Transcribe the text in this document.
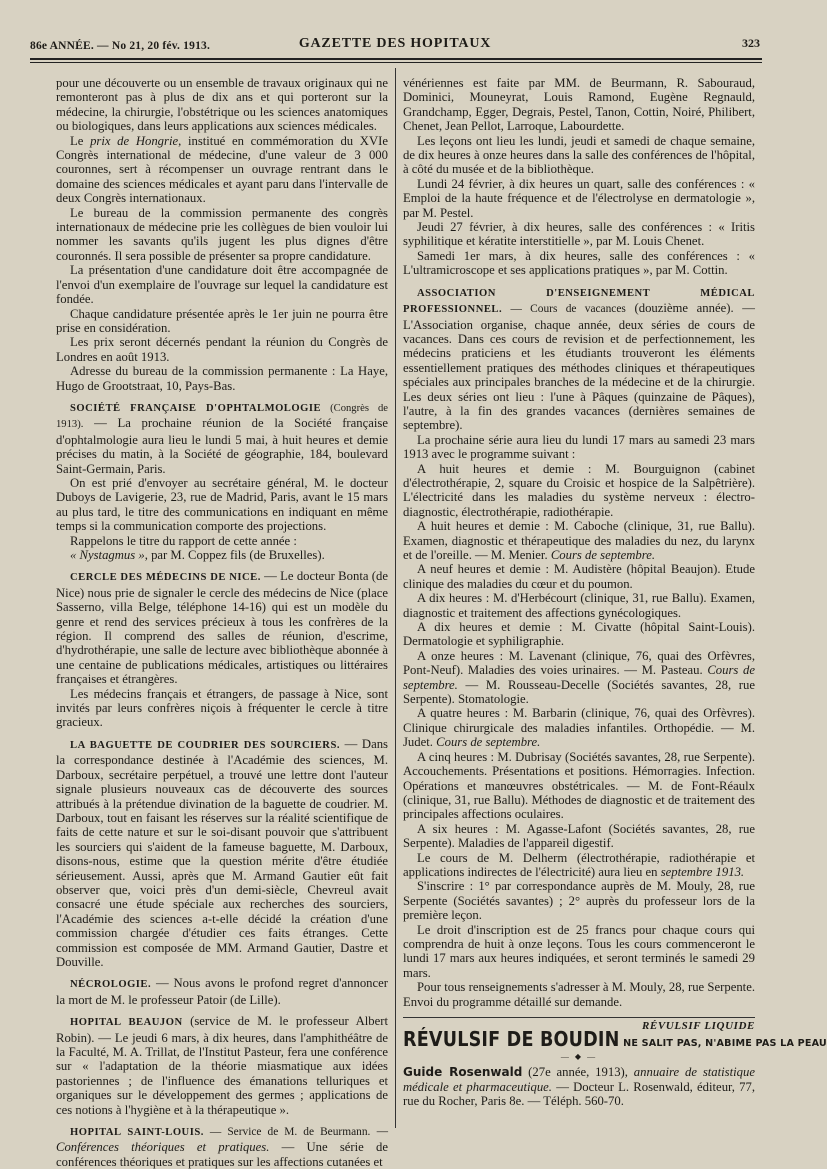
86e ANNÉE. — No 21, 20 fév. 1913.	GAZETTE DES HOPITAUX	323

pour une découverte ou un ensemble de travaux originaux qui ne remonteront pas à plus de dix ans et qui porteront sur la médecine, la chirurgie, l'obstétrique ou les sciences anatomiques ou biologiques, dans leurs applications aux sciences médicales.

Le prix de Hongrie, institué en commémoration du XVIe Congrès international de médecine, d'une valeur de 3 000 couronnes, sert à récompenser un ouvrage rentrant dans le domaine des sciences médicales et ayant paru dans l'intervalle de deux Congrès internationaux.

Le bureau de la commission permanente des congrès internationaux de médecine prie les collègues de bien vouloir lui nommer les savants qu'ils jugent les plus dignes d'être couronnés. Il sera possible de présenter sa propre candidature.

La présentation d'une candidature doit être accompagnée de l'envoi d'un exemplaire de l'ouvrage sur lequel la candidature est fondée.

Chaque candidature présentée après le 1er juin ne pourra être prise en considération.

Les prix seront décernés pendant la réunion du Congrès de Londres en août 1913.

Adresse du bureau de la commission permanente : La Haye, Hugo de Grootstraat, 10, Pays-Bas.

SOCIÉTÉ FRANÇAISE D'OPHTALMOLOGIE (Congrès de 1913). — La prochaine réunion de la Société française d'ophtalmologie aura lieu le lundi 5 mai, à huit heures et demie précises du matin, à la Société de géographie, 184, boulevard Saint-Germain, Paris.

On est prié d'envoyer au secrétaire général, M. le docteur Duboys de Lavigerie, 23, rue de Madrid, Paris, avant le 15 mars au plus tard, le titre des communications en indiquant en même temps si la communication comporte des projections.

Rappelons le titre du rapport de cette année :

« Nystagmus », par M. Coppez fils (de Bruxelles).

CERCLE DES MÉDECINS DE NICE. — Le docteur Bonta (de Nice) nous prie de signaler le cercle des médecins de Nice (place Sasserno, villa Belge, téléphone 14-16) qui est un modèle du genre et rend des services précieux à tous les confrères de la région. Il comprend des salles de réunion, d'escrime, d'hydrothérapie, une salle de lecture avec bibliothèque abonnée à une centaine de publications médicales, artistiques ou littéraires françaises et étrangères.

Les médecins français et étrangers, de passage à Nice, sont invités par leurs confrères niçois à fréquenter le cercle à titre gracieux.

LA BAGUETTE DE COUDRIER DES SOURCIERS. — Dans la correspondance destinée à l'Académie des sciences, M. Darboux, secrétaire perpétuel, a trouvé une lettre dont l'auteur signale plusieurs nouveaux cas de découverte des sources attribués à la prétendue divination de la baguette de coudrier. M. Darboux, tout en faisant les réserves sur la réalité scientifique de faits de cette nature et sur le soi-disant pouvoir que s'attribuent les sourciers qui s'aident de la fameuse baguette, M. Darboux, disons-nous, estime que la question mérite d'être étudiée sérieusement. Aussi, après que M. Armand Gautier eût fait observer que, voici près d'un demi-siècle, Chevreul avait consacré une étude spéciale aux recherches des sourciers, l'Académie des sciences a-t-elle décidé la création d'une commission chargée d'étudier ces faits étranges. Cette commission est composée de MM. Armand Gautier, Dastre et Douville.

NÉCROLOGIE. — Nous avons le profond regret d'annoncer la mort de M. le professeur Patoir (de Lille).

HOPITAL BEAUJON (service de M. le professeur Albert Robin). — Le jeudi 6 mars, à dix heures, dans l'amphithéâtre de la Faculté, M. A. Trillat, de l'Institut Pasteur, fera une conférence sur « l'adaptation de la théorie miasmatique aux idées pastoriennes ; de l'influence des émanations telluriques et organiques sur le développement des germes ; applications de ces notions à l'hygiène et à la thérapeutique ».

HOPITAL SAINT-LOUIS. — Service de M. de Beurmann. — Conférences théoriques et pratiques. — Une série de conférences théoriques et pratiques sur les affections cutanées et

vénériennes est faite par MM. de Beurmann, R. Sabouraud, Dominici, Mouneyrat, Louis Ramond, Eugène Regnauld, Grandchamp, Egger, Degrais, Pestel, Tanon, Cottin, Noiré, Philibert, Chenet, Jean Pellot, Larroque, Labourdette.

Les leçons ont lieu les lundi, jeudi et samedi de chaque semaine, de dix heures à onze heures dans la salle des conférences de l'hôpital, à côté du musée et de la bibliothèque.

Lundi 24 février, à dix heures un quart, salle des conférences : « Emploi de la haute fréquence et de l'électrolyse en dermatologie », par M. Pestel.

Jeudi 27 février, à dix heures, salle des conférences : « Iritis syphilitique et kératite interstitielle », par M. Louis Chenet.

Samedi 1er mars, à dix heures, salle des conférences : « L'ultramicroscope et ses applications pratiques », par M. Cottin.

ASSOCIATION D'ENSEIGNEMENT MÉDICAL PROFESSIONNEL. — Cours de vacances (douzième année). — L'Association organise, chaque année, deux séries de cours de vacances. Dans ces cours de revision et de perfectionnement, les médecins praticiens et les étudiants trouveront les éléments essentiellement pratiques des méthodes cliniques et thérapeutiques spéciales aux principales branches de la médecine et de la chirurgie. Les deux séries ont lieu : l'une à Pâques (quinzaine de Pâques), l'autre, à la fin des grandes vacances (dernières semaines de septembre).

La prochaine série aura lieu du lundi 17 mars au samedi 23 mars 1913 avec le programme suivant :

A huit heures et demie : M. Bourguignon (cabinet d'électrothérapie, 2, square du Croisic et hospice de la Salpêtrière). L'électricité dans les maladies du système nerveux : électro-diagnostic, électrothérapie, radiothérapie.

A huit heures et demie : M. Caboche (clinique, 31, rue Ballu). Examen, diagnostic et thérapeutique des maladies du nez, du larynx et de l'oreille. — M. Menier. Cours de septembre.

A neuf heures et demie : M. Audistère (hôpital Beaujon). Etude clinique des maladies du cœur et du poumon.

A dix heures : M. d'Herbécourt (clinique, 31, rue Ballu). Examen, diagnostic et traitement des affections gynécologiques.

A dix heures et demie : M. Civatte (hôpital Saint-Louis). Dermatologie et syphiligraphie.

A onze heures : M. Lavenant (clinique, 76, quai des Orfèvres, Pont-Neuf). Maladies des voies urinaires. — M. Pasteau. Cours de septembre. — M. Rousseau-Decelle (Sociétés savantes, 28, rue Serpente). Stomatologie.

A quatre heures : M. Barbarin (clinique, 76, quai des Orfèvres). Clinique chirurgicale des maladies infantiles. Orthopédie. — M. Judet. Cours de septembre.

A cinq heures : M. Dubrisay (Sociétés savantes, 28, rue Serpente). Accouchements. Présentations et positions. Hémorragies. Infection. Opérations et manœuvres obstétricales. — M. de Font-Réaulx (clinique, 31, rue Ballu). Méthodes de diagnostic et de traitement des principales affections oculaires.

A six heures : M. Agasse-Lafont (Sociétés savantes, 28, rue Serpente). Maladies de l'appareil digestif.

Le cours de M. Delherm (électrothérapie, radiothérapie et applications indirectes de l'électricité) aura lieu en septembre 1913.

S'inscrire : 1° par correspondance auprès de M. Mouly, 28, rue Serpente (Sociétés savantes) ; 2° auprès du professeur lors de la première leçon.

Le droit d'inscription est de 25 francs pour chaque cours qui comprendra de huit à onze leçons. Tous les cours commenceront le lundi 17 mars aux heures indiquées, et seront terminés le samedi 29 mars.

Pour tous renseignements s'adresser à M. Mouly, 28, rue Serpente. Envoi du programme détaillé sur demande.

RÉVULSIF LIQUIDE
RÉVULSIF DE BOUDIN NE SALIT PAS, N'ABIME PAS LA PEAU
— ◆ —

Guide Rosenwald (27e année, 1913), annuaire de statistique médicale et pharmaceutique. — Docteur L. Rosenwald, éditeur, 77, rue du Rocher, Paris 8e. — Téléph. 560-70.
